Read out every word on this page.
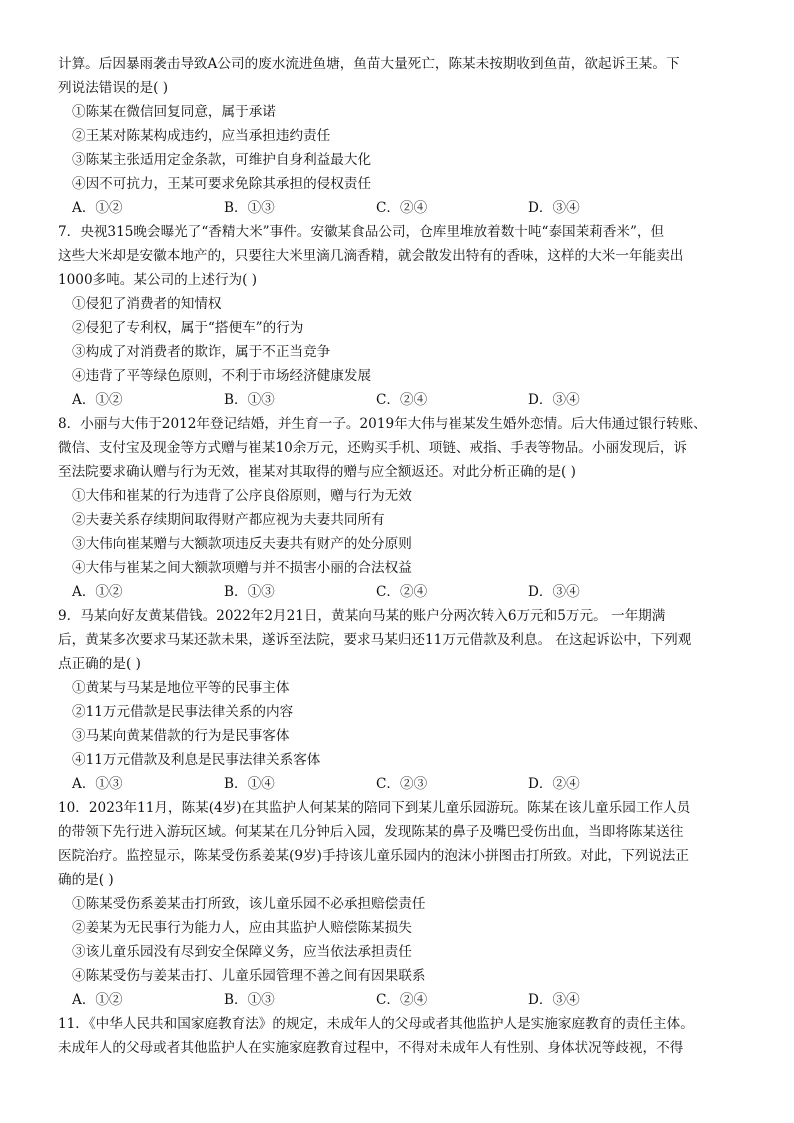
计算。后因暴雨袭击导致A公司的废水流进鱼塘，鱼苗大量死亡，陈某未按期收到鱼苗，欲起诉王某。下
列说法错误的是( )
①陈某在微信回复同意，属于承诺
②王某对陈某构成违约，应当承担违约责任
③陈某主张适用定金条款，可维护自身利益最大化
④因不可抗力，王某可要求免除其承担的侵权责任
A．①②	B．①③	C．②④	D．③④
7．央视315晚会曝光了“香精大米”事件。安徽某食品公司，仓库里堆放着数十吨“泰国茉莉香米”，但
这些大米却是安徽本地产的，只要往大米里滴几滴香精，就会散发出特有的香味，这样的大米一年能卖出
1000多吨。某公司的上述行为( )
①侵犯了消费者的知情权
②侵犯了专利权，属于“搭便车”的行为
③构成了对消费者的欺诈，属于不正当竞争
④违背了平等绿色原则，不利于市场经济健康发展
A．①②	B．①③	C．②④	D．③④
8．小丽与大伟于2012年登记结婚，并生育一子。2019年大伟与崔某发生婚外恋情。后大伟通过银行转账、
微信、支付宝及现金等方式赠与崔某10余万元，还购买手机、项链、戒指、手表等物品。小丽发现后，诉
至法院要求确认赠与行为无效，崔某对其取得的赠与应全额返还。对此分析正确的是( )
①大伟和崔某的行为违背了公序良俗原则，赠与行为无效
②夫妻关系存续期间取得财产都应视为夫妻共同所有
③大伟向崔某赠与大额款项违反夫妻共有财产的处分原则
④大伟与崔某之间大额款项赠与并不损害小丽的合法权益
A．①②	B．①③	C．②④	D．③④
9．马某向好友黄某借钱。2022年2月21日，黄某向马某的账户分两次转入6万元和5万元。 一年期满
后，黄某多次要求马某还款未果，遂诉至法院，要求马某归还11万元借款及利息。 在这起诉讼中，下列观
点正确的是( )
①黄某与马某是地位平等的民事主体
②11万元借款是民事法律关系的内容
③马某向黄某借款的行为是民事客体
④11万元借款及利息是民事法律关系客体
A．①③	B．①④	C．②③	D．②④
10．2023年11月，陈某(4岁)在其监护人何某某的陪同下到某儿童乐园游玩。陈某在该儿童乐园工作人员
的带领下先行进入游玩区域。何某某在几分钟后入园，发现陈某的鼻子及嘴巴受伤出血，当即将陈某送往
医院治疗。监控显示，陈某受伤系姜某(9岁)手持该儿童乐园内的泡沫小拼图击打所致。对此，下列说法正
确的是( )
①陈某受伤系姜某击打所致，该儿童乐园不必承担赔偿责任
②姜某为无民事行为能力人，应由其监护人赔偿陈某损失
③该儿童乐园没有尽到安全保障义务，应当依法承担责任
④陈某受伤与姜某击打、儿童乐园管理不善之间有因果联系
A．①②	B．①③	C．②④	D．③④
11．《中华人民共和国家庭教育法》的规定，未成年人的父母或者其他监护人是实施家庭教育的责任主体。
未成年人的父母或者其他监护人在实施家庭教育过程中，不得对未成年人有性别、身体状况等歧视，不得
